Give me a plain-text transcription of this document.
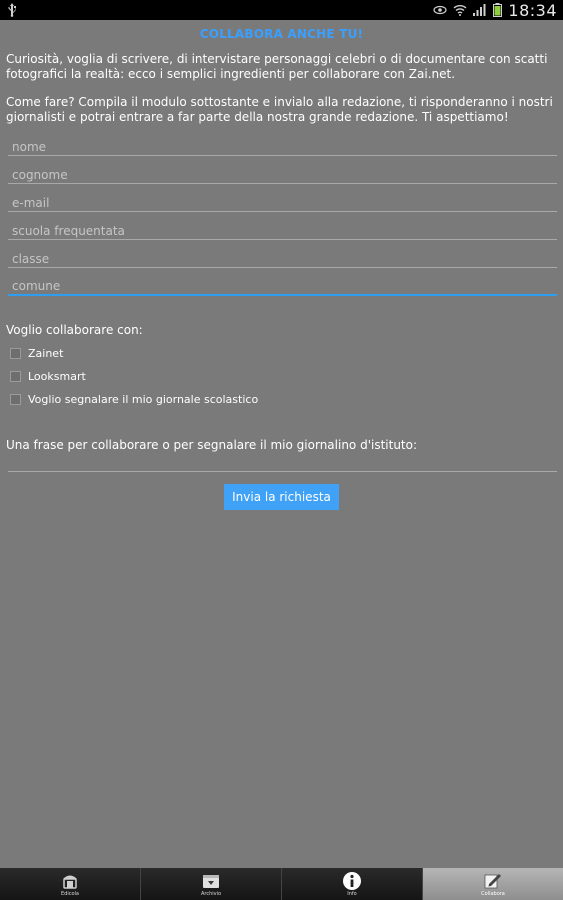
18:34
COLLABORA ANCHE TU!

Curiosità, voglia di scrivere, di intervistare personaggi celebri o di documentare con scatti fotografici la realtà: ecco i semplici ingredienti per collaborare con Zai.net.

Come fare? Compila il modulo sottostante e invialo alla redazione, ti risponderanno i nostri giornalisti e potrai entrare a far parte della nostra grande redazione. Ti aspettiamo!

nome
cognome
e-mail
scuola frequentata
classe
comune
Voglio collaborare con:
Zainet
Looksmart
Voglio segnalare il mio giornale scolastico
Una frase per collaborare o per segnalare il mio giornalino d'istituto:
Invia la richiesta
Edicola	Archivio	Info	Collabora
